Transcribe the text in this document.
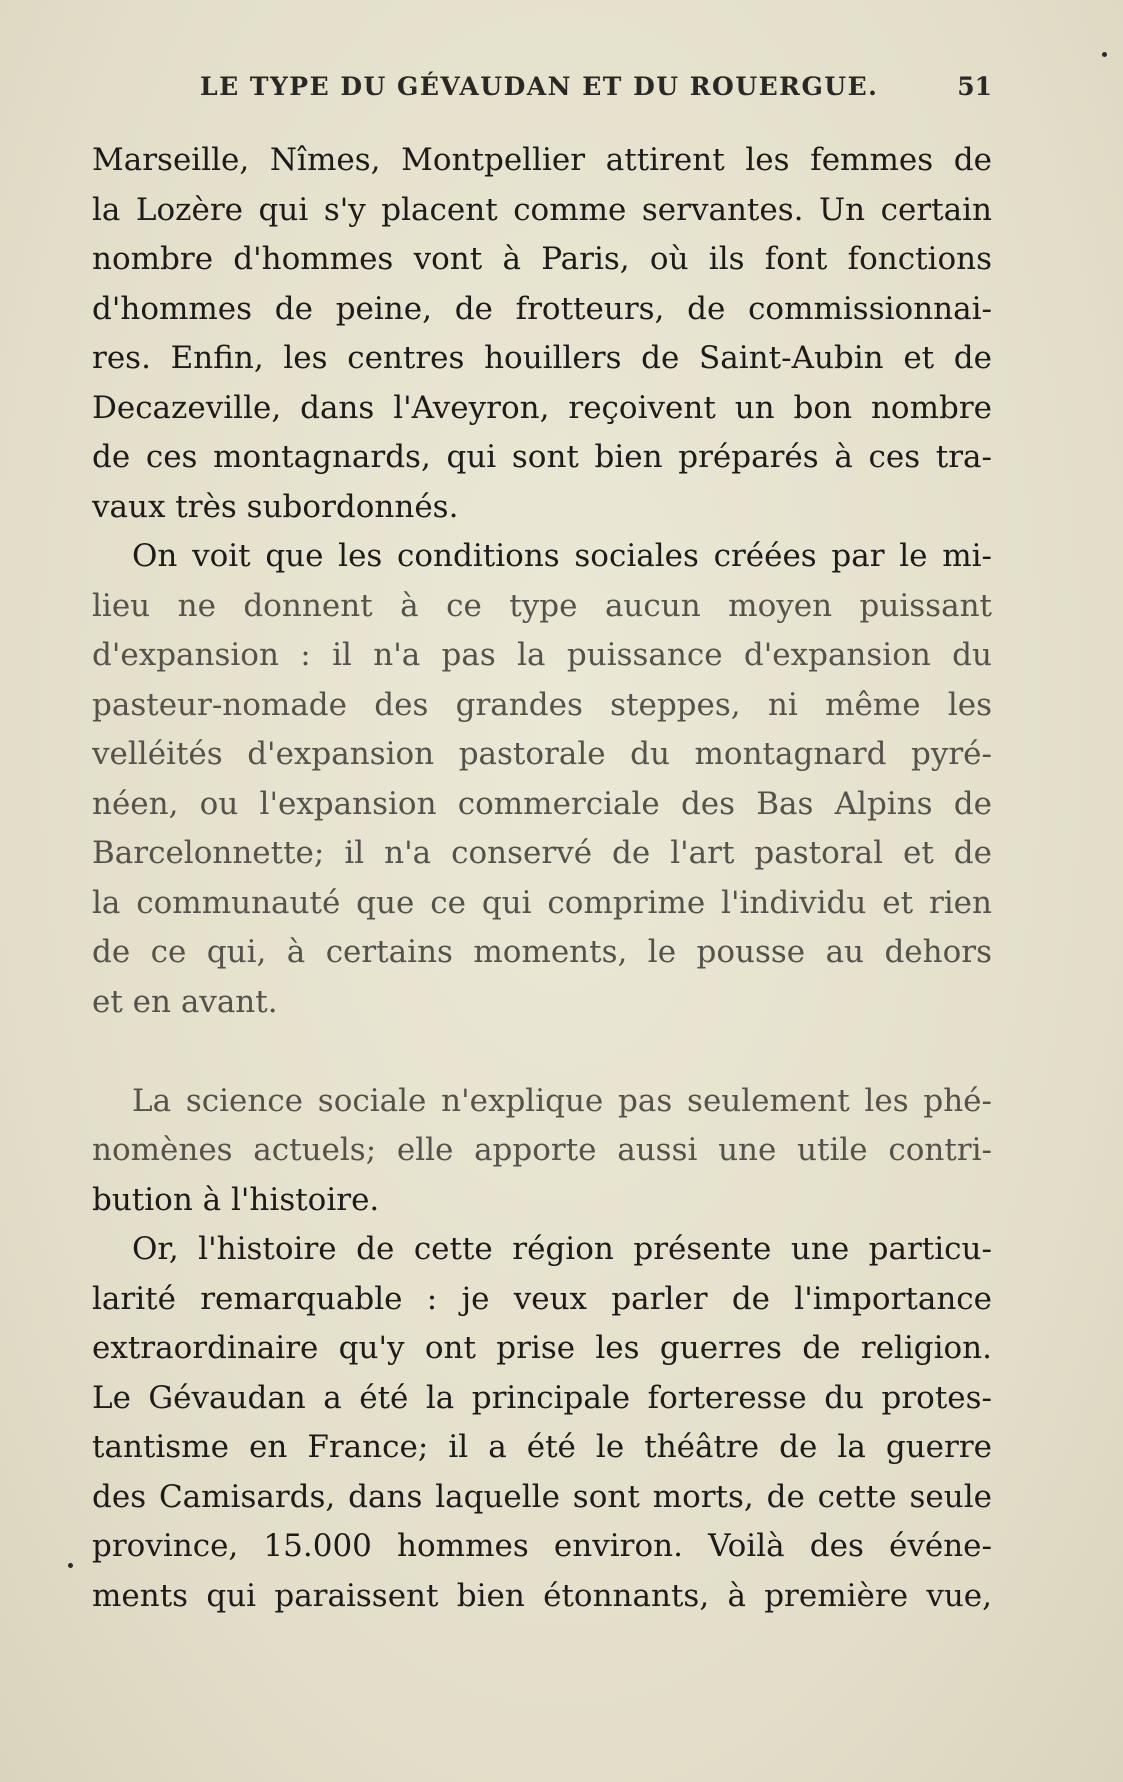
LE TYPE DU GÉVAUDAN ET DU ROUERGUE.	51
Marseille, Nîmes, Montpellier attirent les femmes de
la Lozère qui s'y placent comme servantes. Un certain
nombre d'hommes vont à Paris, où ils font fonctions
d'hommes de peine, de frotteurs, de commissionnai-
res. Enfin, les centres houillers de Saint-Aubin et de
Decazeville, dans l'Aveyron, reçoivent un bon nombre
de ces montagnards, qui sont bien préparés à ces tra-
vaux très subordonnés.
On voit que les conditions sociales créées par le mi-
lieu ne donnent à ce type aucun moyen puissant
d'expansion : il n'a pas la puissance d'expansion du
pasteur-nomade des grandes steppes, ni même les
velléités d'expansion pastorale du montagnard pyré-
néen, ou l'expansion commerciale des Bas Alpins de
Barcelonnette; il n'a conservé de l'art pastoral et de
la communauté que ce qui comprime l'individu et rien
de ce qui, à certains moments, le pousse au dehors
et en avant.
La science sociale n'explique pas seulement les phé-
nomènes actuels; elle apporte aussi une utile contri-
bution à l'histoire.
Or, l'histoire de cette région présente une particu-
larité remarquable : je veux parler de l'importance
extraordinaire qu'y ont prise les guerres de religion.
Le Gévaudan a été la principale forteresse du protes-
tantisme en France; il a été le théâtre de la guerre
des Camisards, dans laquelle sont morts, de cette seule
province, 15.000 hommes environ. Voilà des événe-
ments qui paraissent bien étonnants, à première vue,
